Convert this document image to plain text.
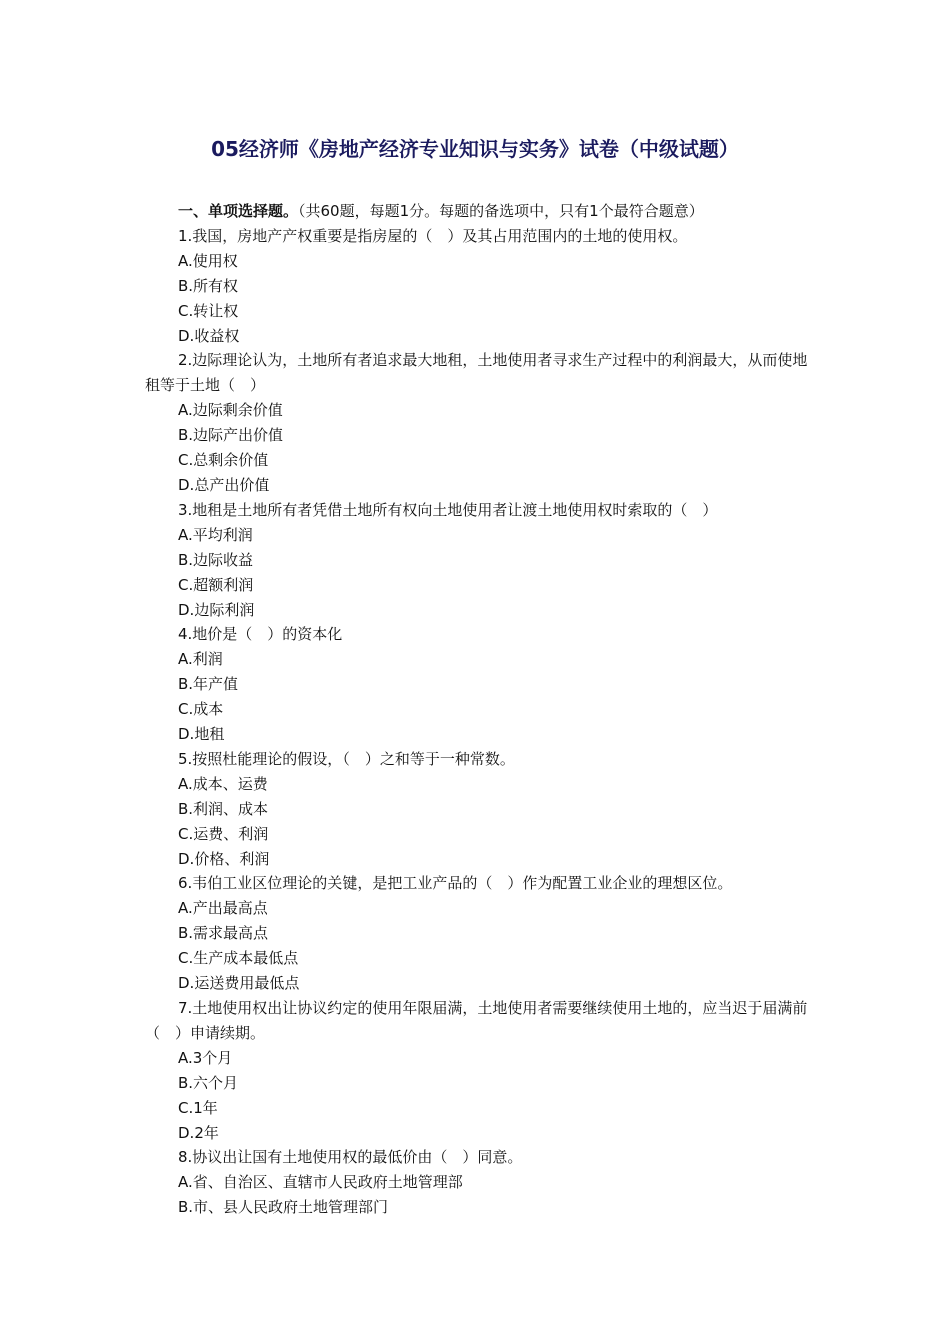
05经济师《房地产经济专业知识与实务》试卷（中级试题）

一、单项选择题。（共60题，每题1分。每题的备选项中，只有1个最符合题意）

1.我国，房地产产权重要是指房屋的（　）及其占用范围内的土地的使用权。

A.使用权

B.所有权

C.转让权

D.收益权

2.边际理论认为，土地所有者追求最大地租，土地使用者寻求生产过程中的利润最大，从而使地租等于土地（　）

A.边际剩余价值

B.边际产出价值

C.总剩余价值

D.总产出价值

3.地租是土地所有者凭借土地所有权向土地使用者让渡土地使用权时索取的（　）

A.平均利润

B.边际收益

C.超额利润

D.边际利润

4.地价是（　）的资本化

A.利润

B.年产值

C.成本

D.地租

5.按照杜能理论的假设，（　）之和等于一种常数。

A.成本、运费

B.利润、成本

C.运费、利润

D.价格、利润

6.韦伯工业区位理论的关键，是把工业产品的（　）作为配置工业企业的理想区位。

A.产出最高点

B.需求最高点

C.生产成本最低点

D.运送费用最低点

7.土地使用权出让协议约定的使用年限届满，土地使用者需要继续使用土地的，应当迟于届满前（　）申请续期。

A.3个月

B.六个月

C.1年

D.2年

8.协议出让国有土地使用权的最低价由（　）同意。

A.省、自治区、直辖市人民政府土地管理部

B.市、县人民政府土地管理部门
